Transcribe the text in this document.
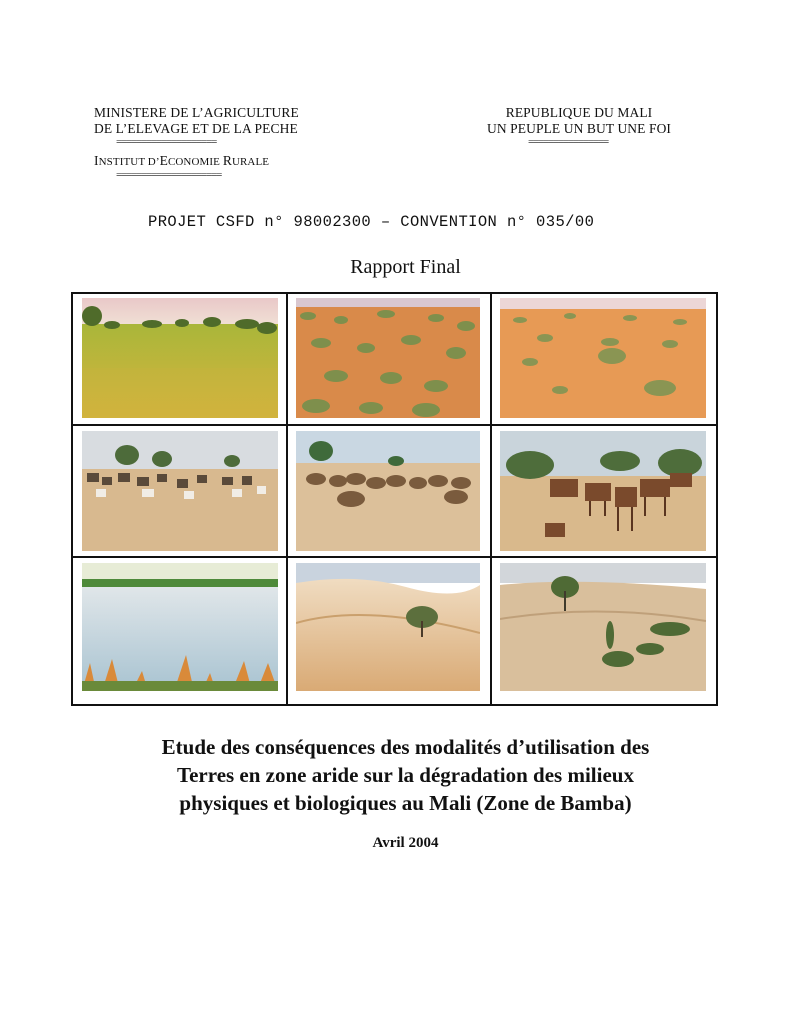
MINISTERE DE L’AGRICULTURE
DE L’ELEVAGE ET DE LA PECHE
====================
INSTITUT D’ECONOMIE RURALE
=====================
REPUBLIQUE DU MALI
UN PEUPLE UN BUT UNE FOI
================
PROJET CSFD n° 98002300 – CONVENTION n° 035/00
Rapport Final
Etude des conséquences des modalités d’utilisation des
Terres en zone aride sur la dégradation des milieux
physiques et biologiques au Mali (Zone de Bamba)
Avril 2004
